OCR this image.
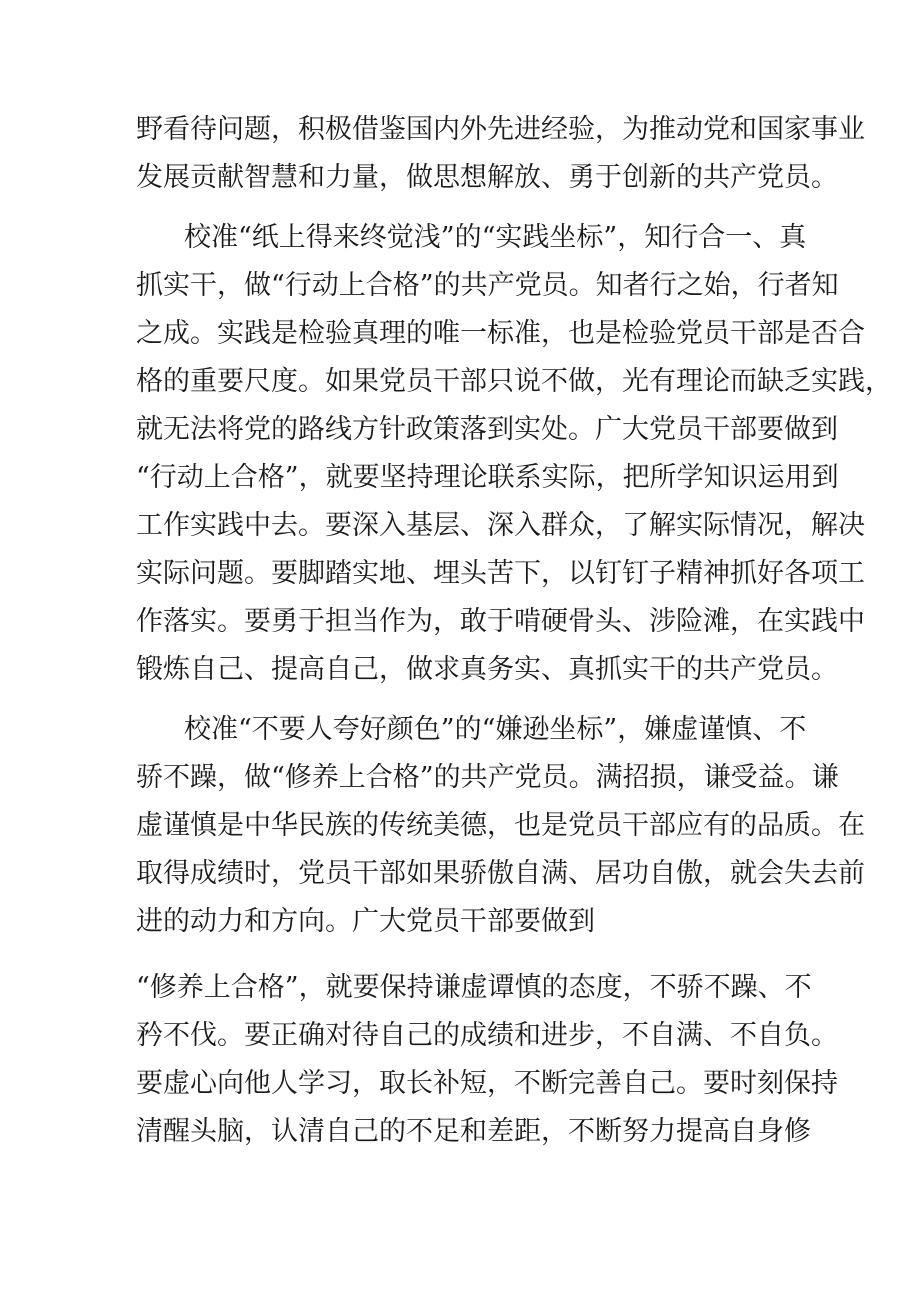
野看待问题，积极借鉴国内外先进经验，为推动党和国家事业
发展贡献智慧和力量，做思想解放、勇于创新的共产党员。
校准“纸上得来终觉浅”的“实践坐标”，知行合一、真
抓实干，做“行动上合格”的共产党员。知者行之始，行者知
之成。实践是检验真理的唯一标准，也是检验党员干部是否合
格的重要尺度。如果党员干部只说不做，光有理论而缺乏实践，
就无法将党的路线方针政策落到实处。广大党员干部要做到
“行动上合格”，就要坚持理论联系实际，把所学知识运用到
工作实践中去。要深入基层、深入群众，了解实际情况，解决
实际问题。要脚踏实地、埋头苦下，以钉钉子精神抓好各项工
作落实。要勇于担当作为，敢于啃硬骨头、涉险滩，在实践中
锻炼自己、提高自己，做求真务实、真抓实干的共产党员。
校准“不要人夸好颜色”的“嫌逊坐标”，嫌虚谨慎、不
骄不躁，做“修养上合格”的共产党员。满招损，谦受益。谦
虚谨慎是中华民族的传统美德，也是党员干部应有的品质。在
取得成绩时，党员干部如果骄傲自满、居功自傲，就会失去前
进的动力和方向。广大党员干部要做到
“修养上合格”，就要保持谦虚谭慎的态度，不骄不躁、不
矜不伐。要正确对待自己的成绩和进步，不自满、不自负。
要虚心向他人学习，取长补短，不断完善自己。要时刻保持
清醒头脑，认清自己的不足和差距，不断努力提高自身修
